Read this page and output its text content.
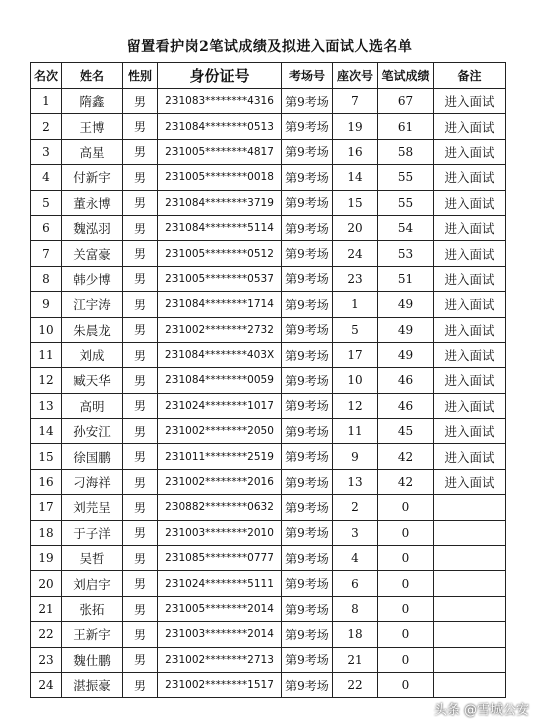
留置看护岗2笔试成绩及拟进入面试人选名单
名次	姓名	性别	身份证号	考场号	座次号	笔试成绩	备注
1	隋鑫	男	231083********4316	第9考场	7	67	进入面试
2	王博	男	231084********0513	第9考场	19	61	进入面试
3	高星	男	231005********4817	第9考场	16	58	进入面试
4	付新宇	男	231005********0018	第9考场	14	55	进入面试
5	董永博	男	231084********3719	第9考场	15	55	进入面试
6	魏泓羽	男	231084********5114	第9考场	20	54	进入面试
7	关富豪	男	231005********0512	第9考场	24	53	进入面试
8	韩少博	男	231005********0537	第9考场	23	51	进入面试
9	江宇涛	男	231084********1714	第9考场	1	49	进入面试
10	朱晨龙	男	231002********2732	第9考场	5	49	进入面试
11	刘成	男	231084********403X	第9考场	17	49	进入面试
12	臧天华	男	231084********0059	第9考场	10	46	进入面试
13	高明	男	231024********1017	第9考场	12	46	进入面试
14	孙安江	男	231002********2050	第9考场	11	45	进入面试
15	徐国鹏	男	231011********2519	第9考场	9	42	进入面试
16	刁海祥	男	231002********2016	第9考场	13	42	进入面试
17	刘芫呈	男	230882********0632	第9考场	2	0	
18	于子洋	男	231003********2010	第9考场	3	0	
19	吴哲	男	231085********0777	第9考场	4	0	
20	刘启宇	男	231024********5111	第9考场	6	0	
21	张拓	男	231005********2014	第9考场	8	0	
22	王新宇	男	231003********2014	第9考场	18	0	
23	魏仕鹏	男	231002********2713	第9考场	21	0	
24	湛振豪	男	231002********1517	第9考场	22	0	
头条 @雪城公安
